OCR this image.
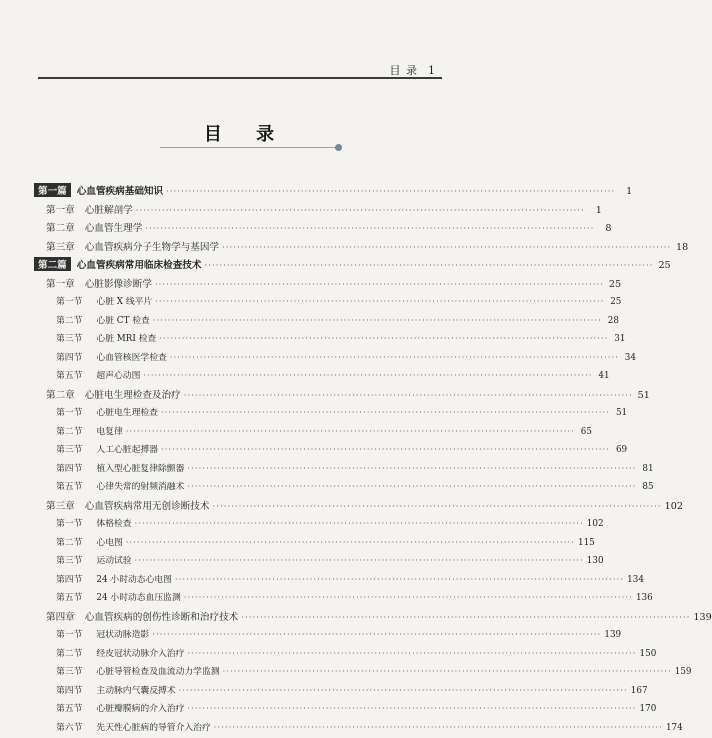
目 录 1
目 录
第一篇 心血管疾病基础知识 ························································································································	1
第一章 心脏解剖学 ························································································································	1
第二章 心血管生理学 ························································································································	8
第三章 心血管疾病分子生物学与基因学 ························································································································ 18
第二篇 心血管疾病常用临床检查技术 ························································································································ 25
第一章 心脏影像诊断学 ························································································································ 25
第一节 心脏 X 线平片 ························································································································ 25
第二节 心脏 CT 检查 ························································································································ 28
第三节 心脏 MRI 检查 ························································································································ 31
第四节 心血管核医学检查 ························································································································ 34
第五节 超声心动图 ························································································································ 41
第二章 心脏电生理检查及治疗 ························································································································ 51
第一节 心脏电生理检查 ························································································································ 51
第二节 电复律 ························································································································ 65
第三节 人工心脏起搏器 ························································································································ 69
第四节 植入型心脏复律除颤器 ························································································································ 81
第五节 心律失常的射频消融术 ························································································································ 85
第三章 心血管疾病常用无创诊断技术 ························································································································ 102
第一节 体格检查 ························································································································ 102
第二节 心电图 ························································································································ 115
第三节 运动试验 ························································································································ 130
第四节 24 小时动态心电图 ························································································································ 134
第五节 24 小时动态血压监测 ························································································································ 136
第四章 心血管疾病的创伤性诊断和治疗技术 ························································································································ 139
第一节 冠状动脉造影 ························································································································ 139
第二节 经皮冠状动脉介入治疗 ························································································································ 150
第三节 心脏导管检查及血流动力学监测 ························································································································ 159
第四节 主动脉内气囊反搏术 ························································································································ 167
第五节 心脏瓣膜病的介入治疗 ························································································································ 170
第六节 先天性心脏病的导管介入治疗 ························································································································ 174
